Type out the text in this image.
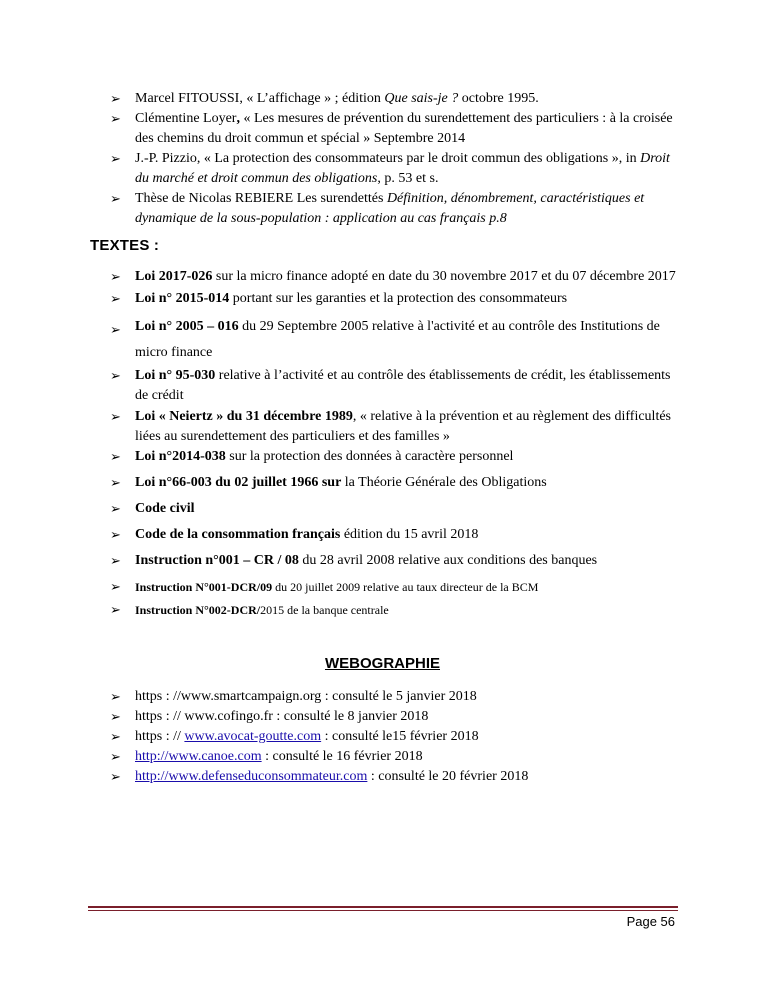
➢	Marcel FITOUSSI, « L’affichage » ; édition Que sais-je ? octobre 1995.
➢	Clémentine Loyer, « Les mesures de prévention du surendettement des particuliers : à la croisée des chemins du droit commun et spécial » Septembre 2014
➢	J.-P. Pizzio, « La protection des consommateurs par le droit commun des obligations », in Droit du marché et droit commun des obligations, p. 53 et s.
➢	Thèse de Nicolas REBIERE Les surendettés Définition, dénombrement, caractéristiques et dynamique de la sous-population : application au cas français p.8
TEXTES :
➢	Loi 2017-026 sur la micro finance adopté en date du 30 novembre 2017 et du 07 décembre 2017
➢	Loi n° 2015-014 portant sur les garanties et la protection des consommateurs
➢	Loi n° 2005 – 016 du 29 Septembre 2005 relative à l'activité et au contrôle des Institutions de micro finance
➢	Loi n° 95-030 relative à l’activité et au contrôle des établissements de crédit, les établissements de crédit
➢	Loi « Neiertz » du 31 décembre 1989, « relative à la prévention et au règlement des difficultés liées au surendettement des particuliers et des familles »
➢	Loi n°2014-038 sur la protection des données à caractère personnel
➢	Loi n°66-003 du 02 juillet 1966 sur la Théorie Générale des Obligations
➢	Code civil
➢	Code de la consommation français édition du 15 avril 2018
➢	Instruction n°001 – CR / 08 du 28 avril 2008 relative aux conditions des banques
➢	Instruction N°001-DCR/09 du 20 juillet 2009 relative au taux directeur de la BCM
➢	Instruction N°002-DCR/2015 de la banque centrale
WEBOGRAPHIE
➢	https : //www.smartcampaign.org : consulté le 5 janvier 2018
➢	https : // www.cofingo.fr : consulté le 8 janvier 2018
➢	https : // www.avocat-goutte.com : consulté le15 février 2018
➢	http://www.canoe.com : consulté le 16 février 2018
➢	http://www.defenseduconsommateur.com : consulté le 20 février 2018
Page 56
